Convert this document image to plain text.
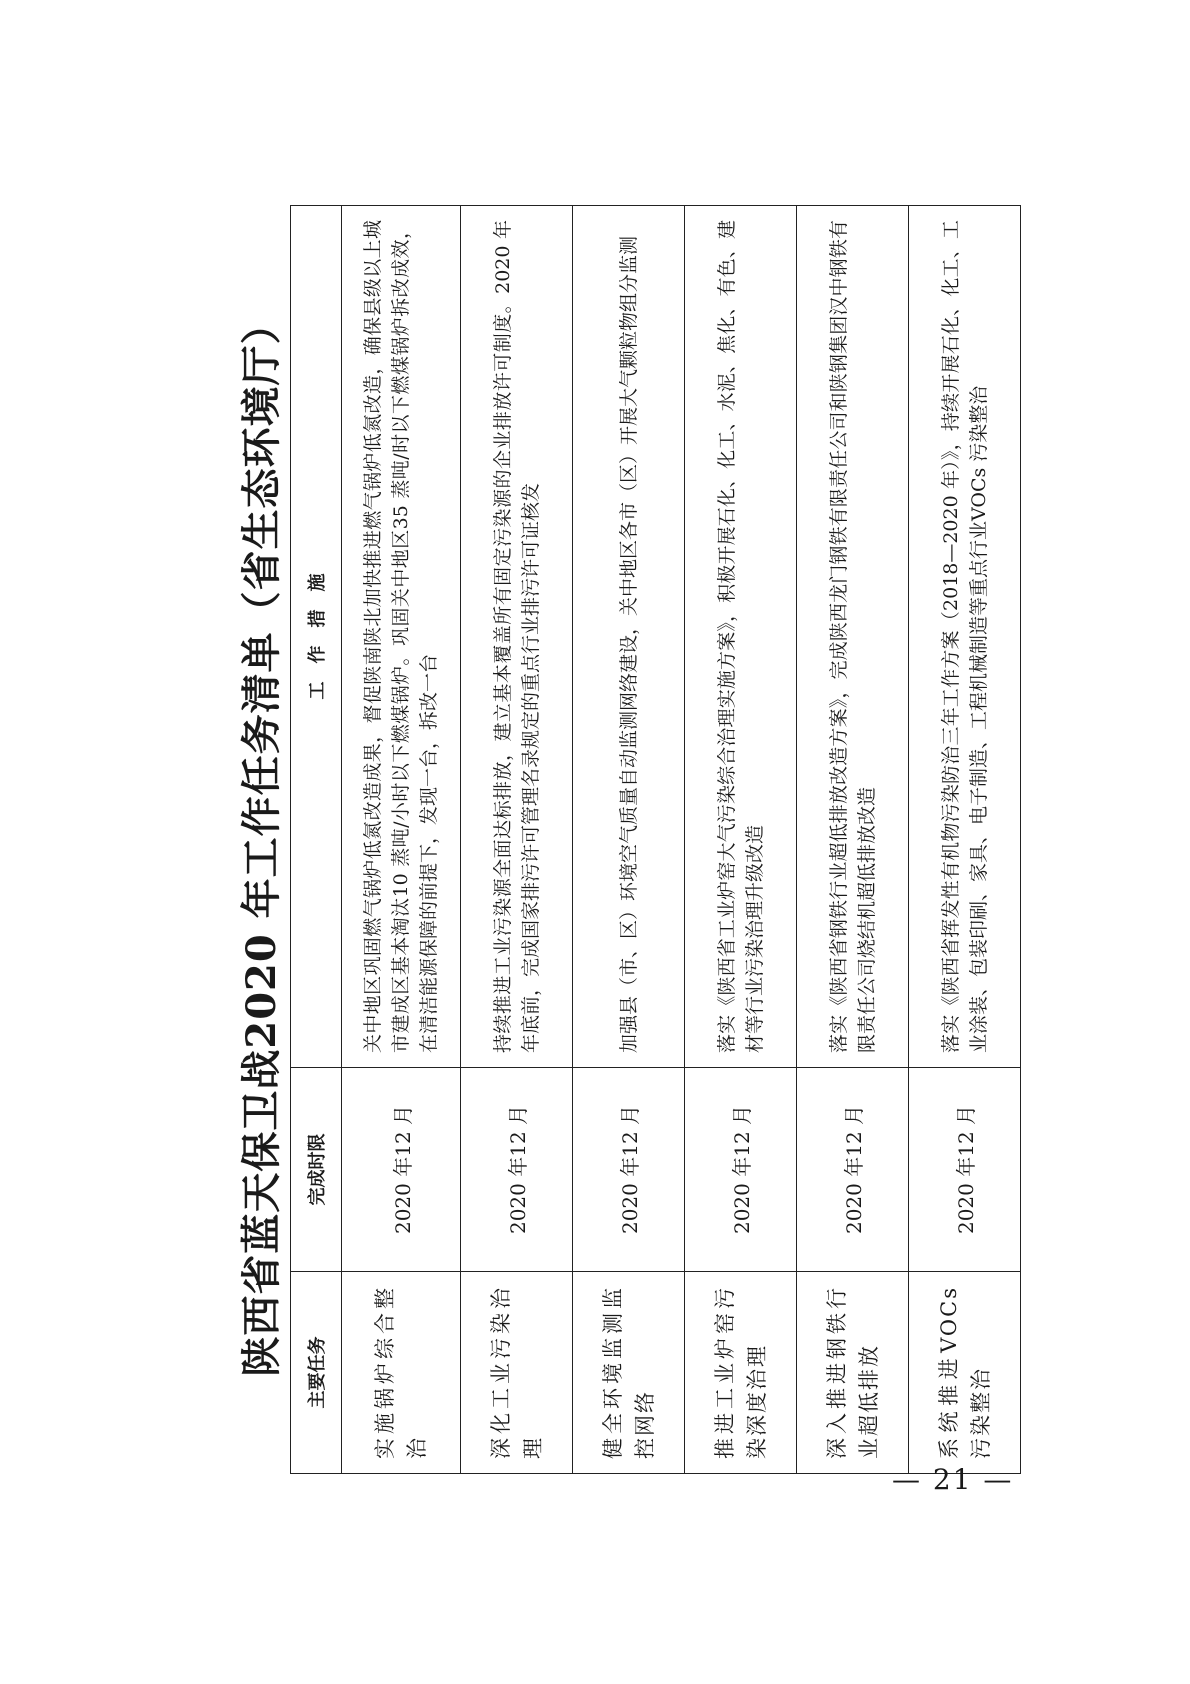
陕西省蓝天保卫战2020 年工作任务清单（省生态环境厅） 主要任务	完成时限	工　作　措　施
实施锅炉综合整治	2020 年12 月	关中地区巩固燃气锅炉低氮改造成果，督促陕南陕北加快推进燃气锅炉低氮改造，确保县级以上城市建成区基本淘汰10 蒸吨/小时以下燃煤锅炉。巩固关中地区35 蒸吨/时以下燃煤锅炉拆改成效，在清洁能源保障的前提下，发现一台，拆改一台
深化工业污染治理	2020 年12 月	持续推进工业污染源全面达标排放，建立基本覆盖所有固定污染源的企业排放许可制度。2020 年年底前，完成国家排污许可管理名录规定的重点行业排污许可证核发
健全环境监测监控网络	2020 年12 月	加强县（市、区）环境空气质量自动监测网络建设，关中地区各市（区）开展大气颗粒物组分监测
推进工业炉窑污染深度治理	2020 年12 月	落实《陕西省工业炉窑大气污染综合治理实施方案》，积极开展石化、化工、水泥、焦化、有色、建材等行业污染治理升级改造
深入推进钢铁行业超低排放	2020 年12 月	落实《陕西省钢铁行业超低排放改造方案》，完成陕西龙门钢铁有限责任公司和陕钢集团汉中钢铁有限责任公司烧结机超低排放改造
系统推进VOCs 污染整治	2020 年12 月	落实《陕西省挥发性有机物污染防治三年工作方案（2018—2020 年）》，持续开展石化、化工、工业涂装、包装印刷、家具、电子制造、工程机械制造等重点行业VOCs 污染整治
— 21 —
